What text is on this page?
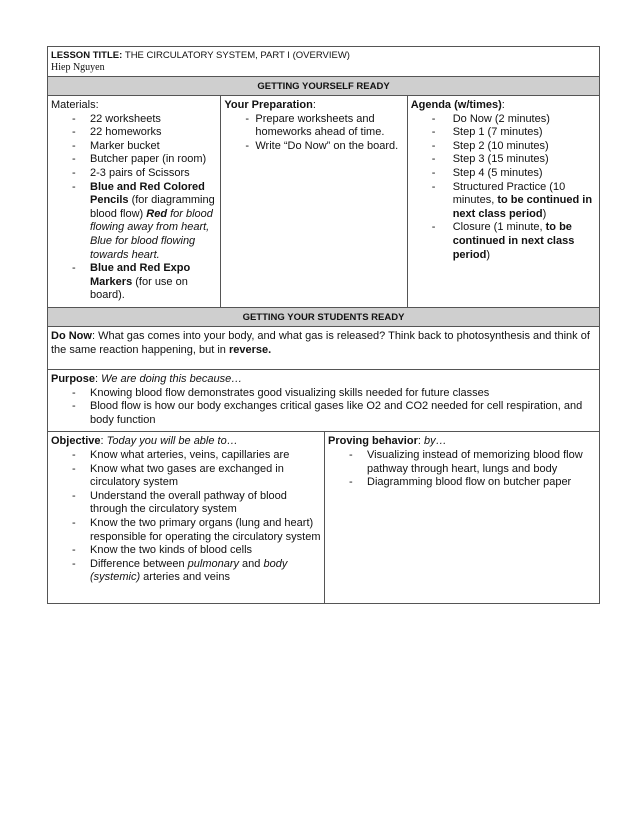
LESSON TITLE: THE CIRCULATORY SYSTEM, PART I (OVERVIEW)
Hiep Nguyen
GETTING YOURSELF READY
Materials:
- 22 worksheets
- 22 homeworks
- Marker bucket
- Butcher paper (in room)
- 2-3 pairs of Scissors
- Blue and Red Colored Pencils (for diagramming blood flow) Red for blood flowing away from heart, Blue for blood flowing towards heart.
- Blue and Red Expo Markers (for use on board).
Your Preparation:
- Prepare worksheets and homeworks ahead of time.
- Write “Do Now” on the board.
Agenda (w/times):
- Do Now (2 minutes)
- Step 1 (7 minutes)
- Step 2 (10 minutes)
- Step 3 (15 minutes)
- Step 4 (5 minutes)
- Structured Practice (10 minutes, to be continued in next class period)
- Closure (1 minute, to be continued in next class period)
GETTING YOUR STUDENTS READY
Do Now: What gas comes into your body, and what gas is released? Think back to photosynthesis and think of the same reaction happening, but in reverse.
Purpose: We are doing this because…
- Knowing blood flow demonstrates good visualizing skills needed for future classes
- Blood flow is how our body exchanges critical gases like O2 and CO2 needed for cell respiration, and body function
Objective: Today you will be able to…
- Know what arteries, veins, capillaries are
- Know what two gases are exchanged in circulatory system
- Understand the overall pathway of blood through the circulatory system
- Know the two primary organs (lung and heart) responsible for operating the circulatory system
- Know the two kinds of blood cells
- Difference between pulmonary and body (systemic) arteries and veins
Proving behavior: by…
- Visualizing instead of memorizing blood flow pathway through heart, lungs and body
- Diagramming blood flow on butcher paper
